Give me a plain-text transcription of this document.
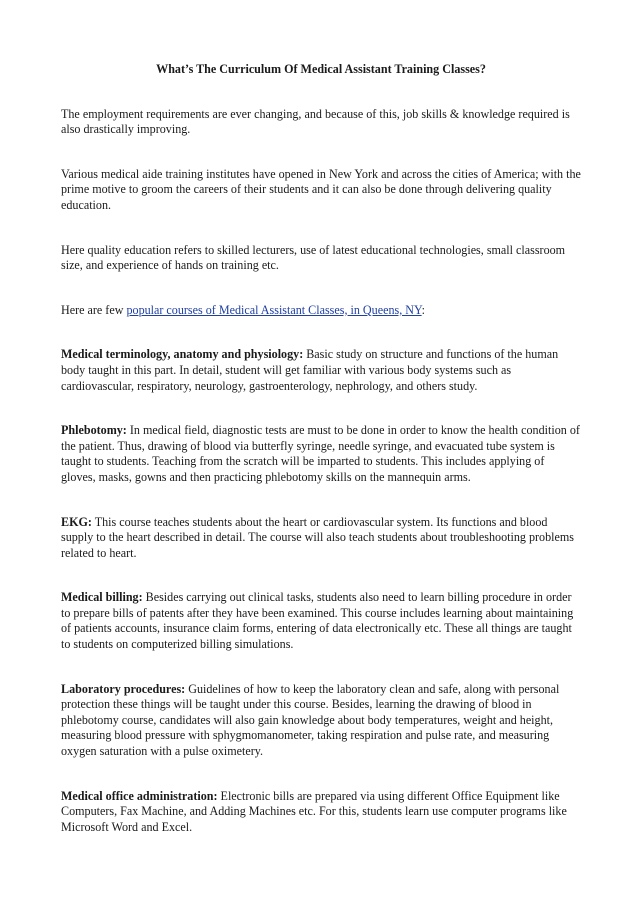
What’s The Curriculum Of Medical Assistant Training Classes?

The employment requirements are ever changing, and because of this, job skills & knowledge required is also drastically improving.

Various medical aide training institutes have opened in New York and across the cities of America; with the prime motive to groom the careers of their students and it can also be done through delivering quality education.

Here quality education refers to skilled lecturers, use of latest educational technologies, small classroom size, and experience of hands on training etc.

Here are few popular courses of Medical Assistant Classes, in Queens, NY:

Medical terminology, anatomy and physiology: Basic study on structure and functions of the human body taught in this part. In detail, student will get familiar with various body systems such as cardiovascular, respiratory, neurology, gastroenterology, nephrology, and others study.

Phlebotomy: In medical field, diagnostic tests are must to be done in order to know the health condition of the patient. Thus, drawing of blood via butterfly syringe, needle syringe, and evacuated tube system is taught to students. Teaching from the scratch will be imparted to students. This includes applying of gloves, masks, gowns and then practicing phlebotomy skills on the mannequin arms.

EKG: This course teaches students about the heart or cardiovascular system. Its functions and blood supply to the heart described in detail. The course will also teach students about troubleshooting problems related to heart.

Medical billing: Besides carrying out clinical tasks, students also need to learn billing procedure in order to prepare bills of patents after they have been examined. This course includes learning about maintaining of patients accounts, insurance claim forms, entering of data electronically etc. These all things are taught to students on computerized billing simulations.

Laboratory procedures: Guidelines of how to keep the laboratory clean and safe, along with personal protection these things will be taught under this course. Besides, learning the drawing of blood in phlebotomy course, candidates will also gain knowledge about body temperatures, weight and height, measuring blood pressure with sphygmomanometer, taking respiration and pulse rate, and measuring oxygen saturation with a pulse oximetery.

Medical office administration: Electronic bills are prepared via using different Office Equipment like Computers, Fax Machine, and Adding Machines etc. For this, students learn use computer programs like Microsoft Word and Excel.
